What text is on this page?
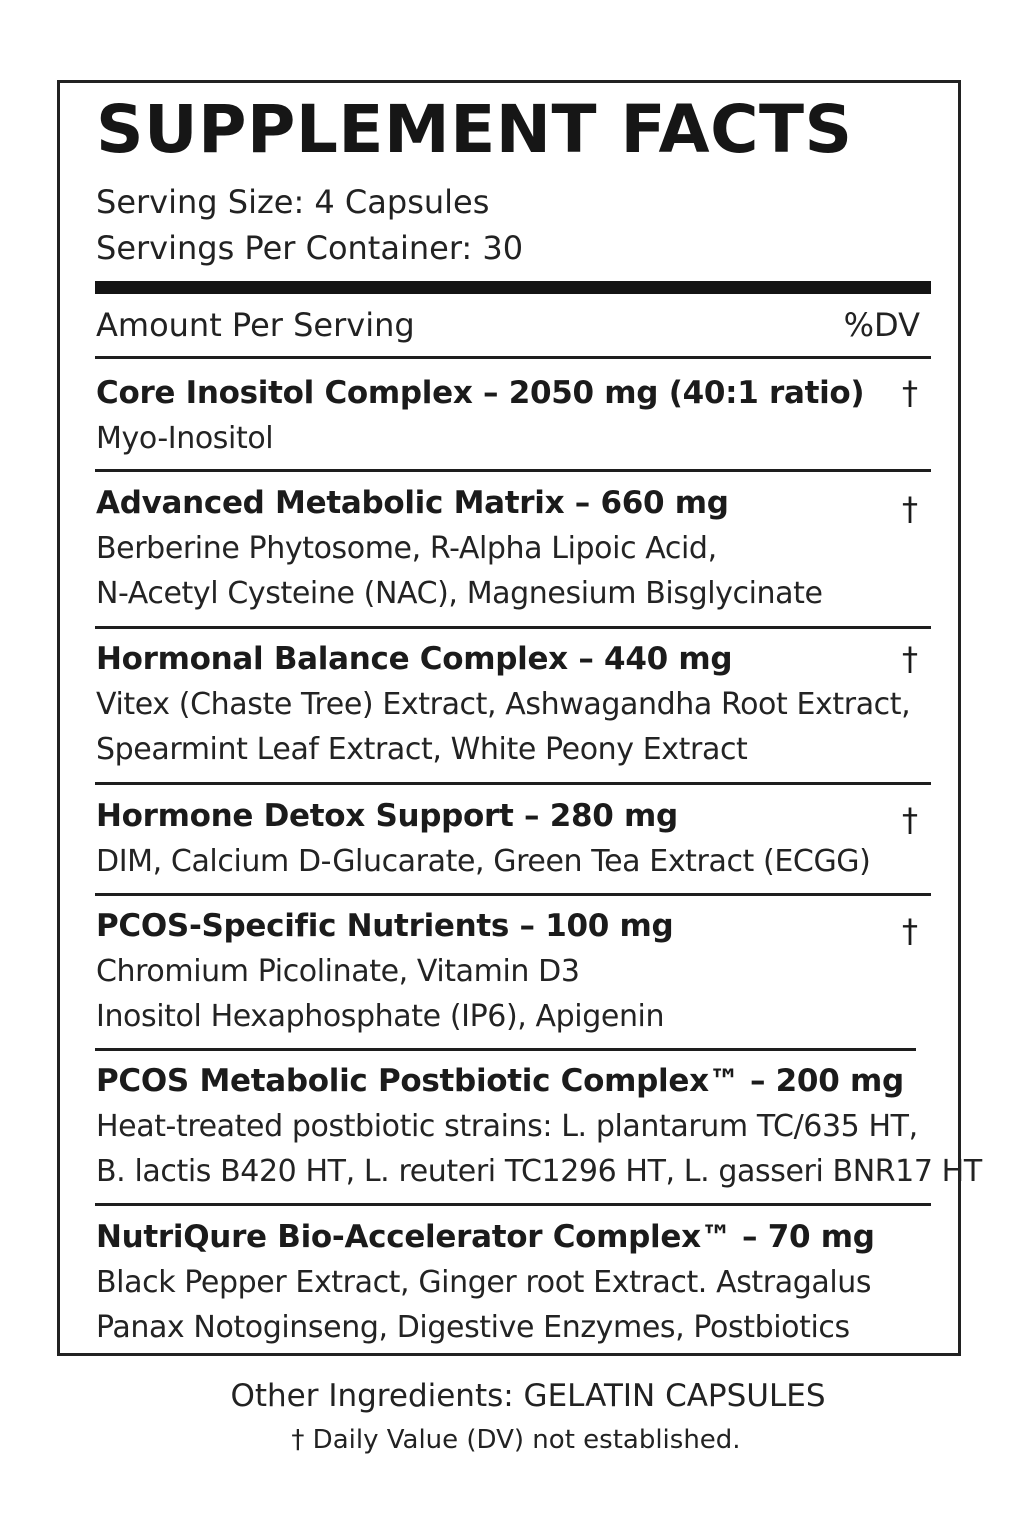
SUPPLEMENT FACTS
Serving Size: 4 Capsules
Servings Per Container: 30
Amount Per Serving	%DV
Core Inositol Complex – 2050 mg (40:1 ratio)
Myo-Inositol
†
Advanced Metabolic Matrix – 660 mg
Berberine Phytosome, R-Alpha Lipoic Acid,
N-Acetyl Cysteine (NAC), Magnesium Bisglycinate
†
Hormonal Balance Complex – 440 mg
Vitex (Chaste Tree) Extract, Ashwagandha Root Extract,
Spearmint Leaf Extract, White Peony Extract
†
Hormone Detox Support – 280 mg
DIM, Calcium D-Glucarate, Green Tea Extract (ECGG)
†
PCOS-Specific Nutrients – 100 mg
Chromium Picolinate, Vitamin D3
Inositol Hexaphosphate (IP6), Apigenin
†
PCOS Metabolic Postbiotic Complex™ – 200 mg
Heat-treated postbiotic strains: L. plantarum TC/635 HT,
B. lactis B420 HT, L. reuteri TC1296 HT, L. gasseri BNR17 HT
NutriQure Bio-Accelerator Complex™ – 70 mg
Black Pepper Extract, Ginger root Extract. Astragalus
Panax Notoginseng, Digestive Enzymes, Postbiotics
Other Ingredients: GELATIN CAPSULES
† Daily Value (DV) not established.
